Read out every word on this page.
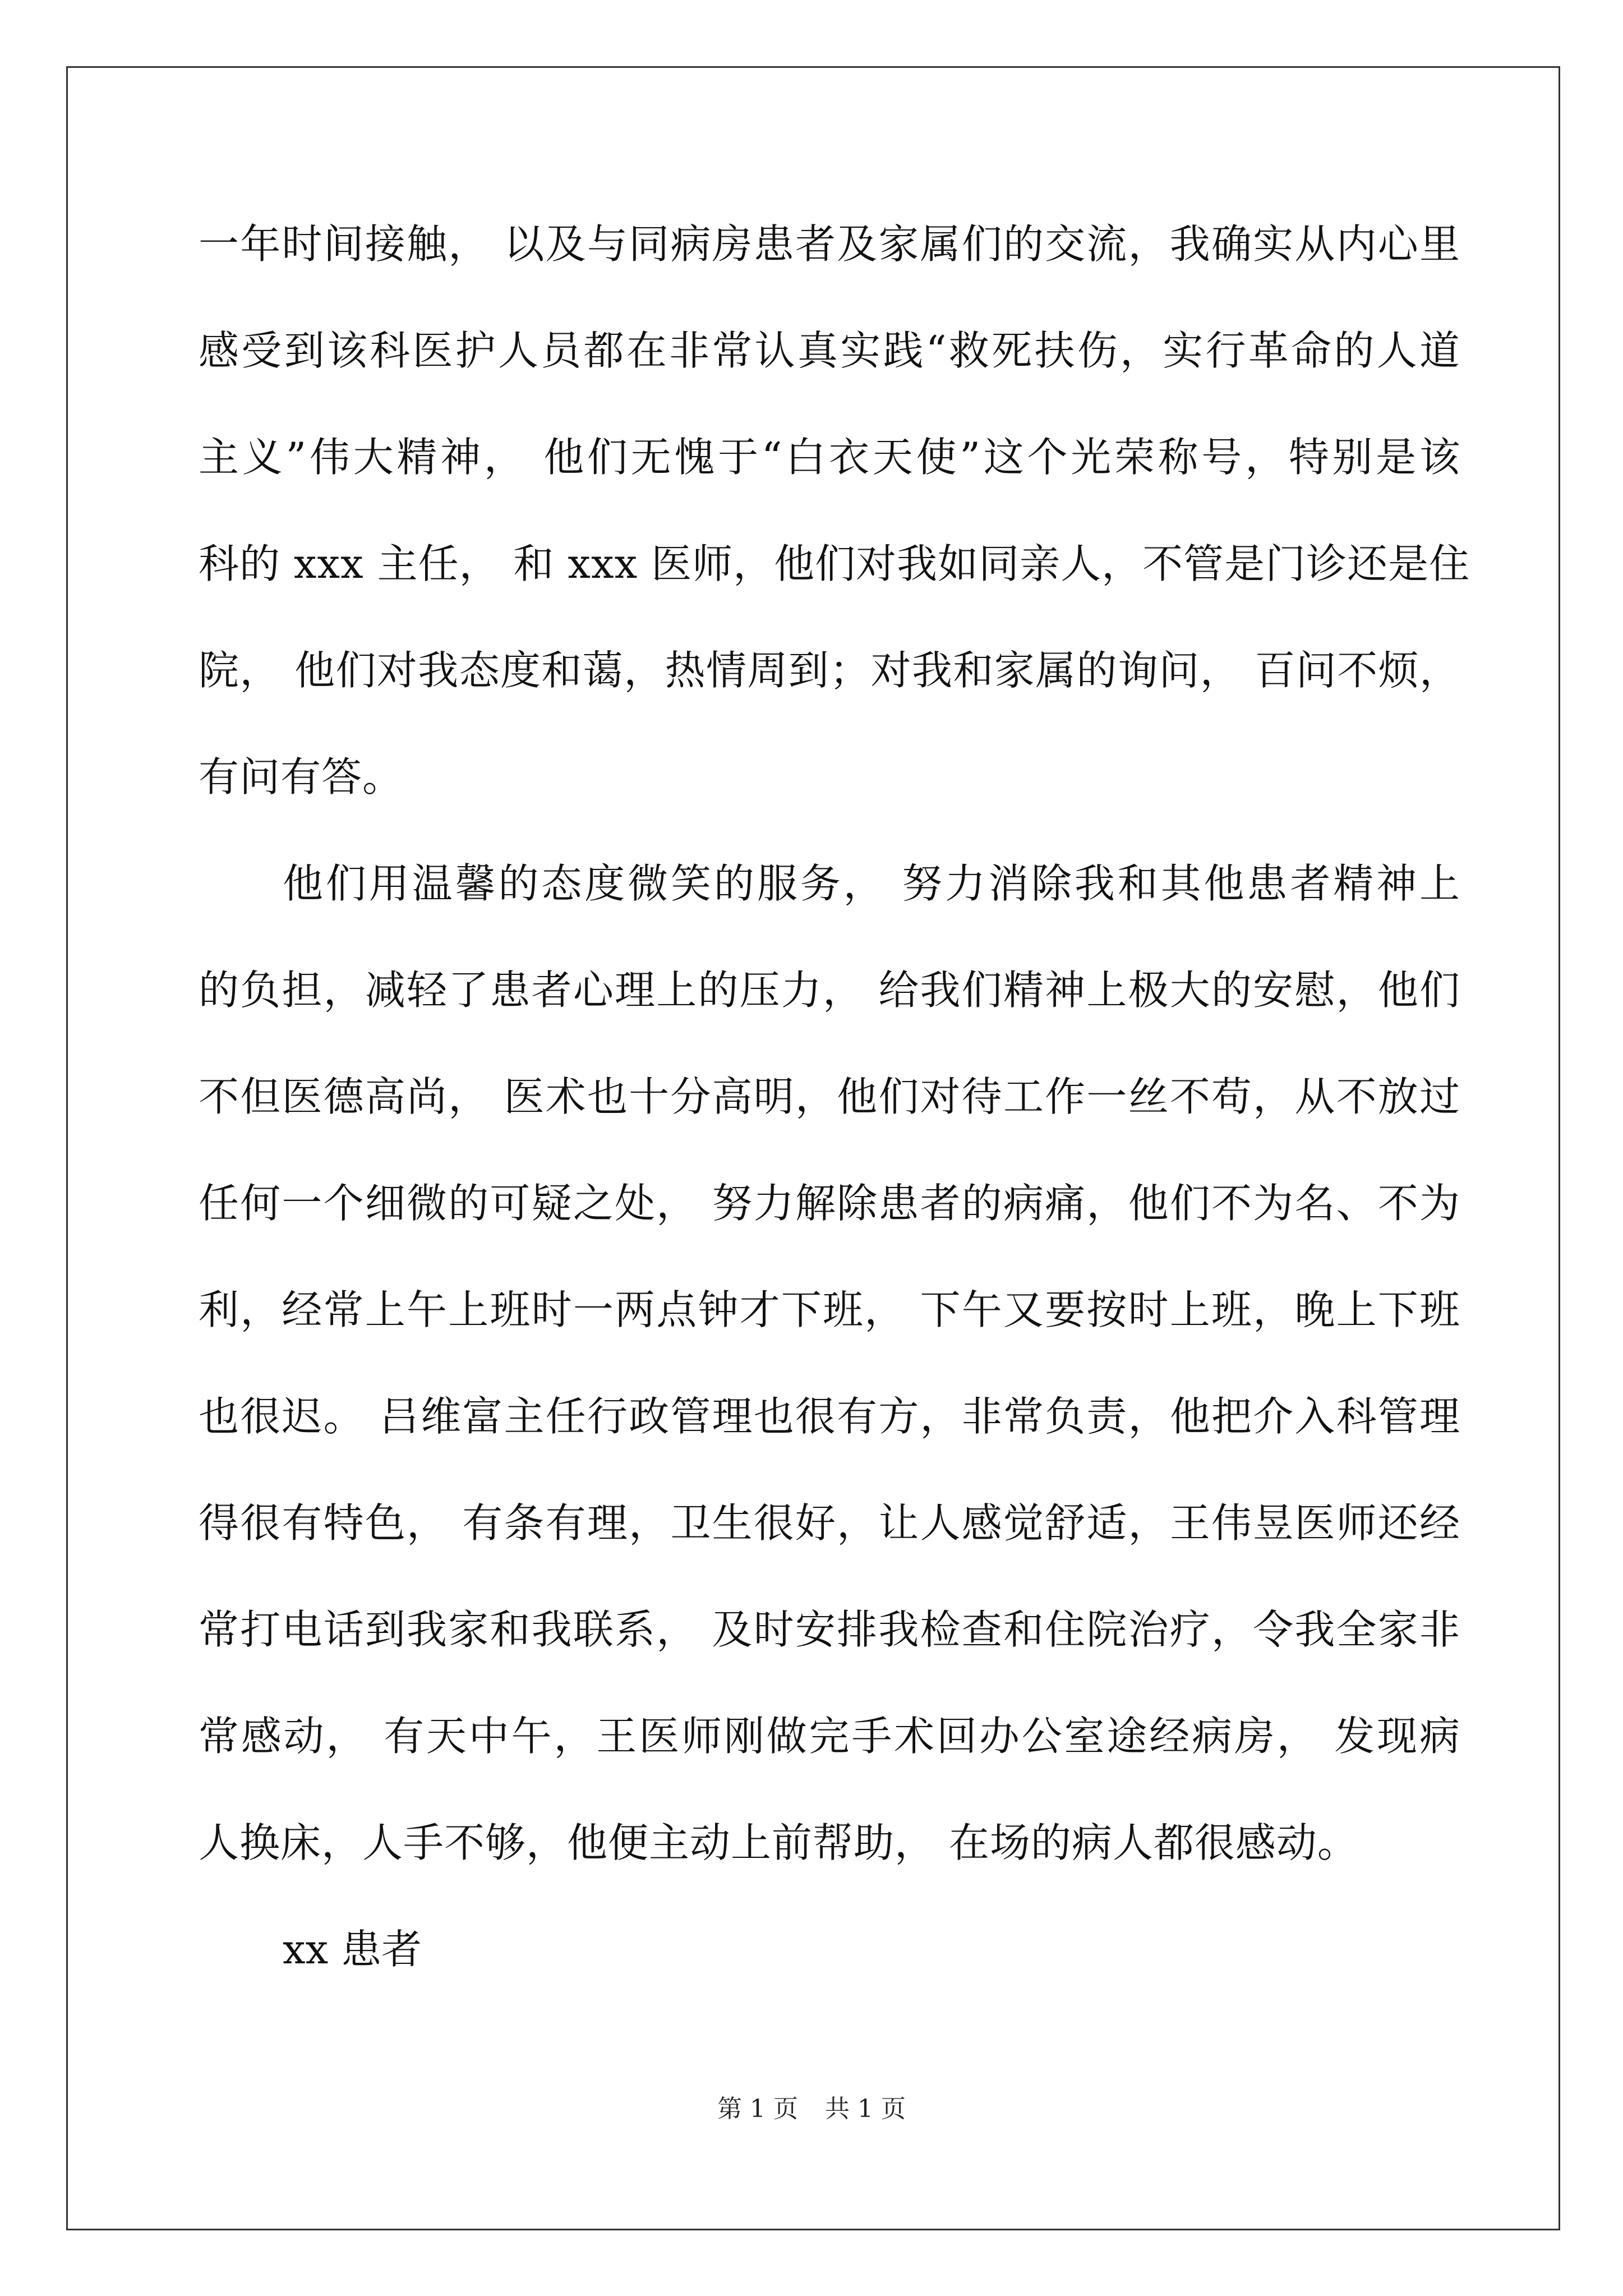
一年时间接触， 以及与同病房患者及家属们的交流，我确实从内心里
感受到该科医护人员都在非常认真实践“救死扶伤，实行革命的人道
主义”伟大精神， 他们无愧于“白衣天使”这个光荣称号，特别是该
科的 xxx 主任， 和 xxx 医师，他们对我如同亲人，不管是门诊还是住
院， 他们对我态度和蔼，热情周到；对我和家属的询问， 百问不烦，
有问有答。
他们用温馨的态度微笑的服务， 努力消除我和其他患者精神上
的负担，减轻了患者心理上的压力， 给我们精神上极大的安慰，他们
不但医德高尚， 医术也十分高明，他们对待工作一丝不苟，从不放过
任何一个细微的可疑之处， 努力解除患者的病痛，他们不为名、不为
利，经常上午上班时一两点钟才下班， 下午又要按时上班，晚上下班
也很迟。 吕维富主任行政管理也很有方，非常负责，他把介入科管理
得很有特色， 有条有理，卫生很好，让人感觉舒适，王伟昱医师还经
常打电话到我家和我联系， 及时安排我检查和住院治疗，令我全家非
常感动， 有天中午，王医师刚做完手术回办公室途经病房， 发现病
人换床，人手不够，他便主动上前帮助， 在场的病人都很感动。
xx 患者
第 1 页 共 1 页
